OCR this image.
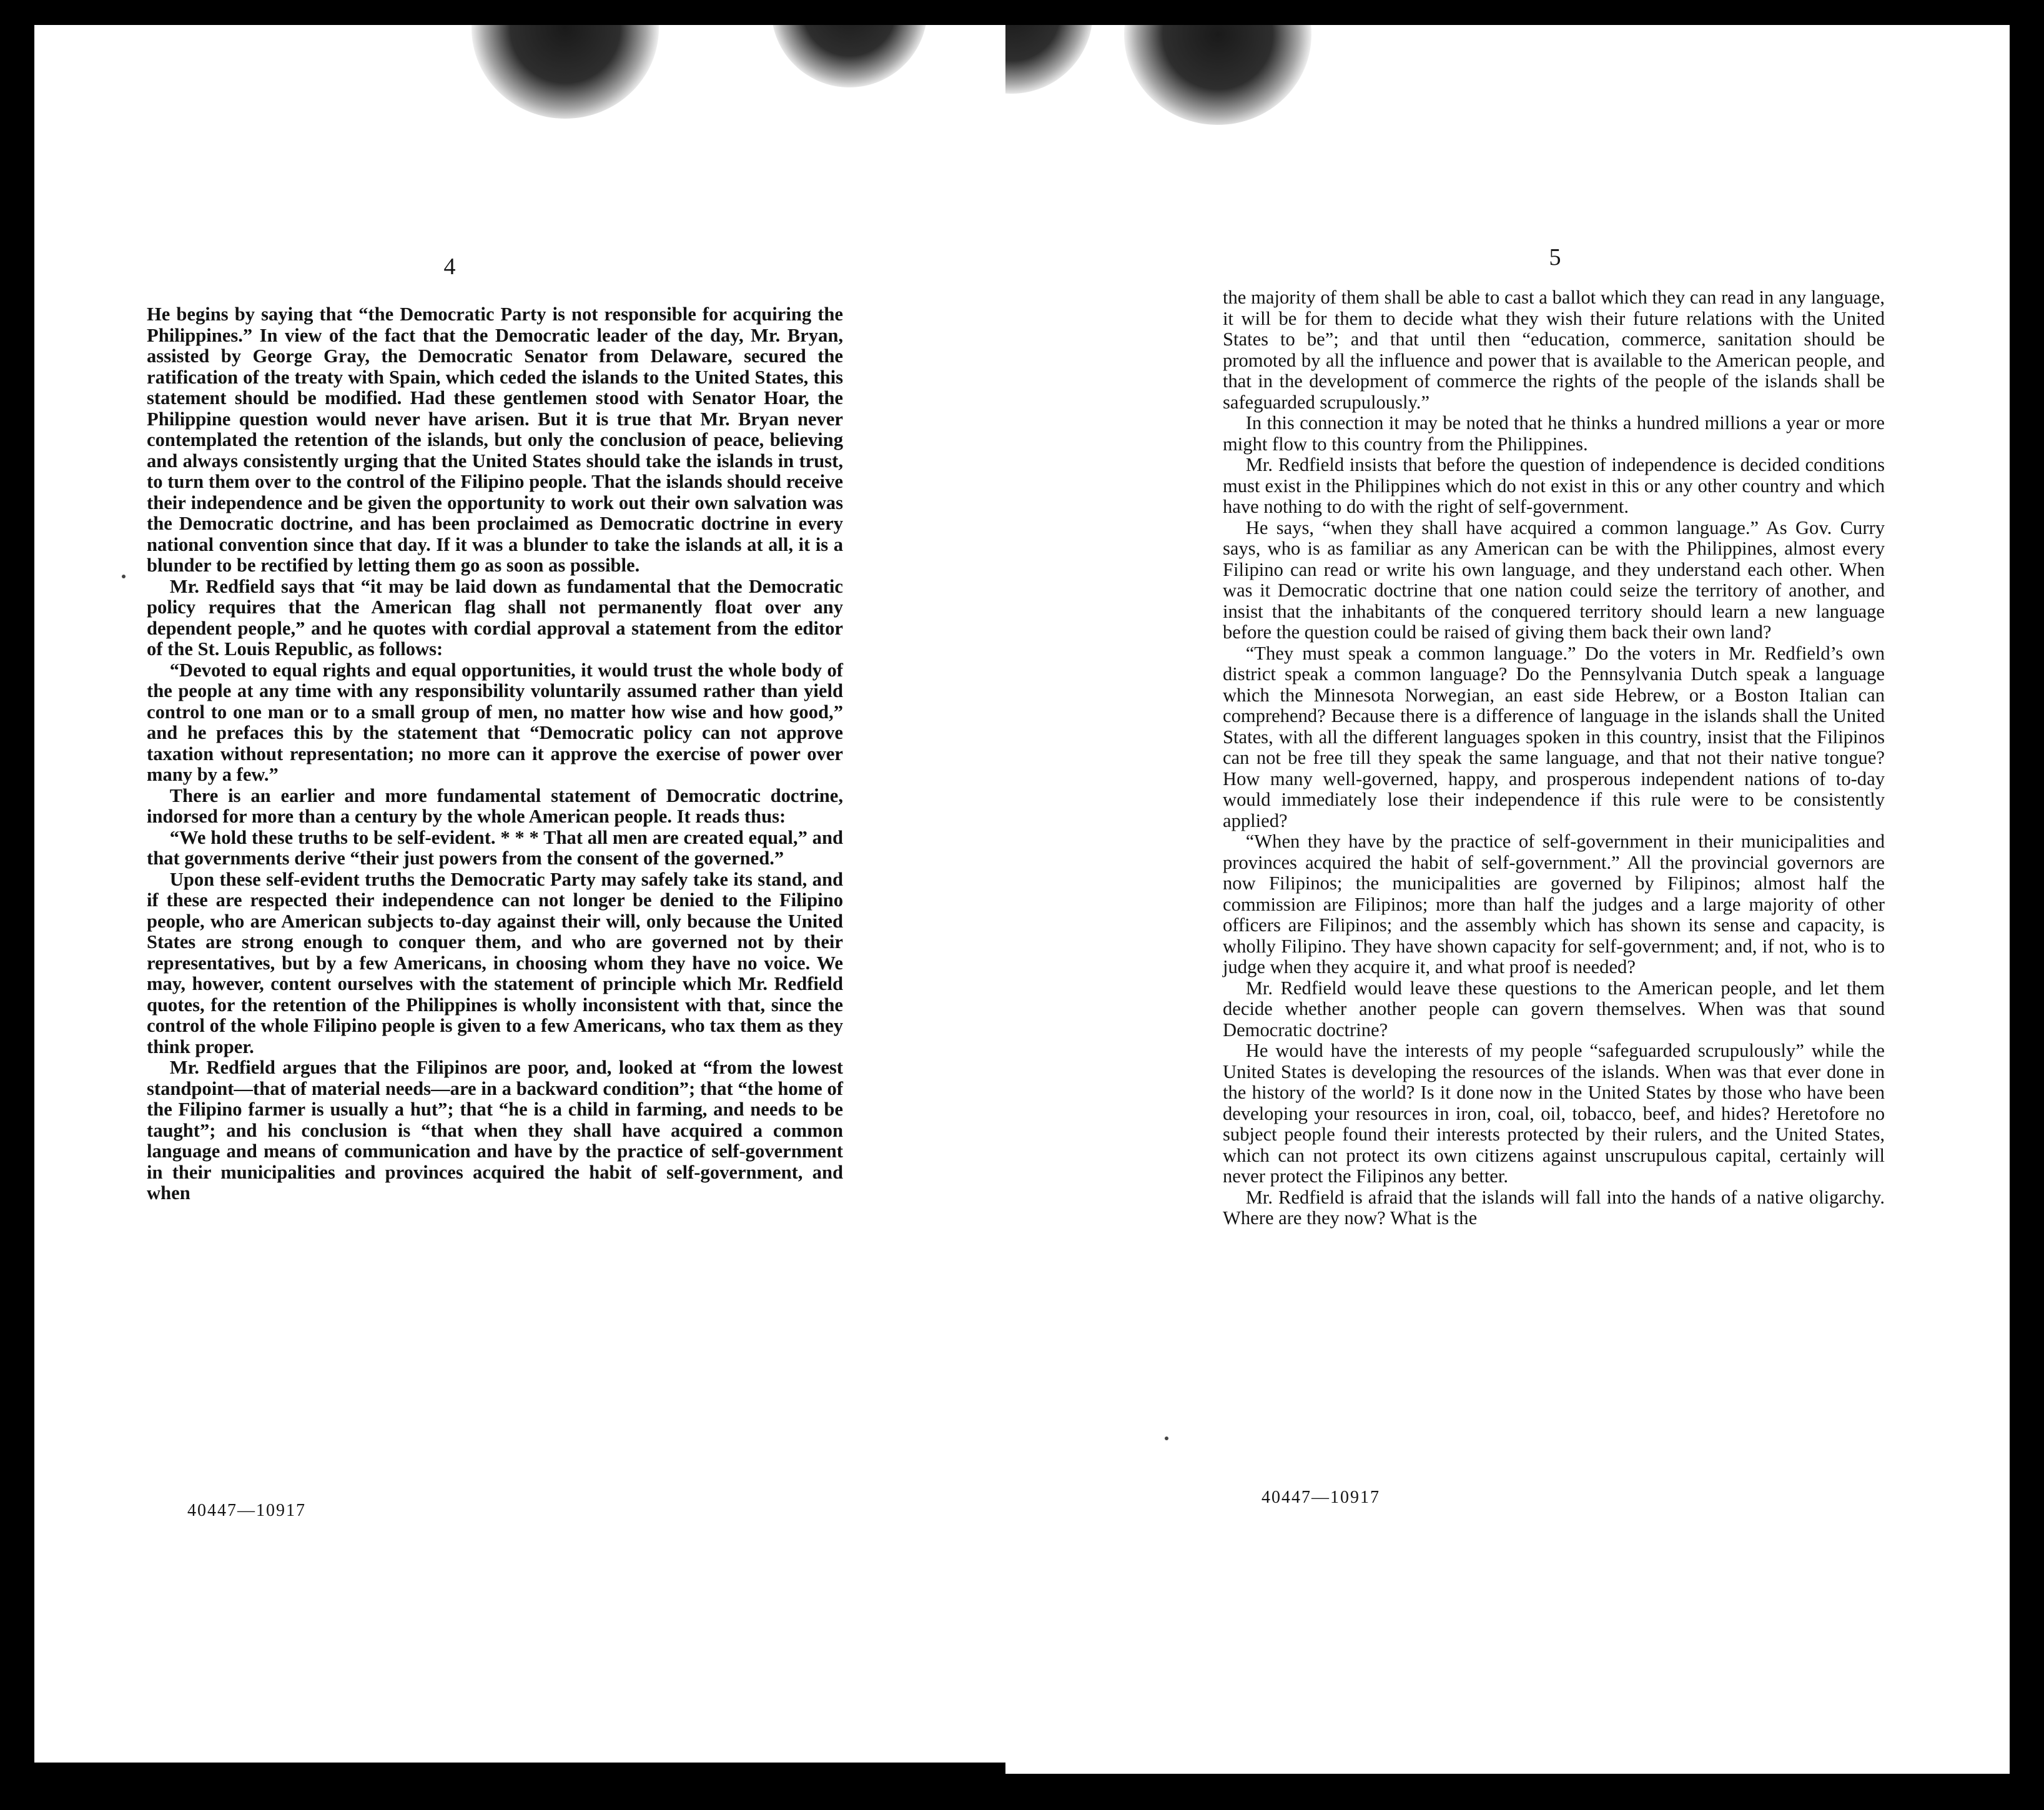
4

He begins by saying that “the Democratic Party is not responsible for acquiring the Philippines.” In view of the fact that the Democratic leader of the day, Mr. Bryan, assisted by George Gray, the Democratic Senator from Delaware, secured the ratification of the treaty with Spain, which ceded the islands to the United States, this statement should be modified. Had these gentlemen stood with Senator Hoar, the Philippine question would never have arisen. But it is true that Mr. Bryan never contemplated the retention of the islands, but only the conclusion of peace, believing and always consistently urging that the United States should take the islands in trust, to turn them over to the control of the Filipino people. That the islands should receive their independence and be given the opportunity to work out their own salvation was the Democratic doctrine, and has been proclaimed as Democratic doctrine in every national convention since that day. If it was a blunder to take the islands at all, it is a blunder to be rectified by letting them go as soon as possible.

Mr. Redfield says that “it may be laid down as fundamental that the Democratic policy requires that the American flag shall not permanently float over any dependent people,” and he quotes with cordial approval a statement from the editor of the St. Louis Republic, as follows:

“Devoted to equal rights and equal opportunities, it would trust the whole body of the people at any time with any responsibility voluntarily assumed rather than yield control to one man or to a small group of men, no matter how wise and how good,” and he prefaces this by the statement that “Democratic policy can not approve taxation without representation; no more can it approve the exercise of power over many by a few.”

There is an earlier and more fundamental statement of Democratic doctrine, indorsed for more than a century by the whole American people. It reads thus:

“We hold these truths to be self-evident. * * * That all men are created equal,” and that governments derive “their just powers from the consent of the governed.”

Upon these self-evident truths the Democratic Party may safely take its stand, and if these are respected their independence can not longer be denied to the Filipino people, who are American subjects to-day against their will, only because the United States are strong enough to conquer them, and who are governed not by their representatives, but by a few Americans, in choosing whom they have no voice. We may, however, content ourselves with the statement of principle which Mr. Redfield quotes, for the retention of the Philippines is wholly inconsistent with that, since the control of the whole Filipino people is given to a few Americans, who tax them as they think proper.

Mr. Redfield argues that the Filipinos are poor, and, looked at “from the lowest standpoint—that of material needs—are in a backward condition”; that “the home of the Filipino farmer is usually a hut”; that “he is a child in farming, and needs to be taught”; and his conclusion is “that when they shall have acquired a common language and means of communication and have by the practice of self-government in their municipalities and provinces acquired the habit of self-government, and when

40447—10917
5

the majority of them shall be able to cast a ballot which they can read in any language, it will be for them to decide what they wish their future relations with the United States to be”; and that until then “education, commerce, sanitation should be promoted by all the influence and power that is available to the American people, and that in the development of commerce the rights of the people of the islands shall be safeguarded scrupulously.”

In this connection it may be noted that he thinks a hundred millions a year or more might flow to this country from the Philippines.

Mr. Redfield insists that before the question of independence is decided conditions must exist in the Philippines which do not exist in this or any other country and which have nothing to do with the right of self-government.

He says, “when they shall have acquired a common language.” As Gov. Curry says, who is as familiar as any American can be with the Philippines, almost every Filipino can read or write his own language, and they understand each other. When was it Democratic doctrine that one nation could seize the territory of another, and insist that the inhabitants of the conquered territory should learn a new language before the question could be raised of giving them back their own land?

“They must speak a common language.” Do the voters in Mr. Redfield’s own district speak a common language? Do the Pennsylvania Dutch speak a language which the Minnesota Norwegian, an east side Hebrew, or a Boston Italian can comprehend? Because there is a difference of language in the islands shall the United States, with all the different languages spoken in this country, insist that the Filipinos can not be free till they speak the same language, and that not their native tongue? How many well-governed, happy, and prosperous independent nations of to-day would immediately lose their independence if this rule were to be consistently applied?

“When they have by the practice of self-government in their municipalities and provinces acquired the habit of self-government.” All the provincial governors are now Filipinos; the municipalities are governed by Filipinos; almost half the commission are Filipinos; more than half the judges and a large majority of other officers are Filipinos; and the assembly which has shown its sense and capacity, is wholly Filipino. They have shown capacity for self-government; and, if not, who is to judge when they acquire it, and what proof is needed?

Mr. Redfield would leave these questions to the American people, and let them decide whether another people can govern themselves. When was that sound Democratic doctrine?

He would have the interests of my people “safeguarded scrupulously” while the United States is developing the resources of the islands. When was that ever done in the history of the world? Is it done now in the United States by those who have been developing your resources in iron, coal, oil, tobacco, beef, and hides? Heretofore no subject people found their interests protected by their rulers, and the United States, which can not protect its own citizens against unscrupulous capital, certainly will never protect the Filipinos any better.

Mr. Redfield is afraid that the islands will fall into the hands of a native oligarchy. Where are they now? What is the

40447—10917
